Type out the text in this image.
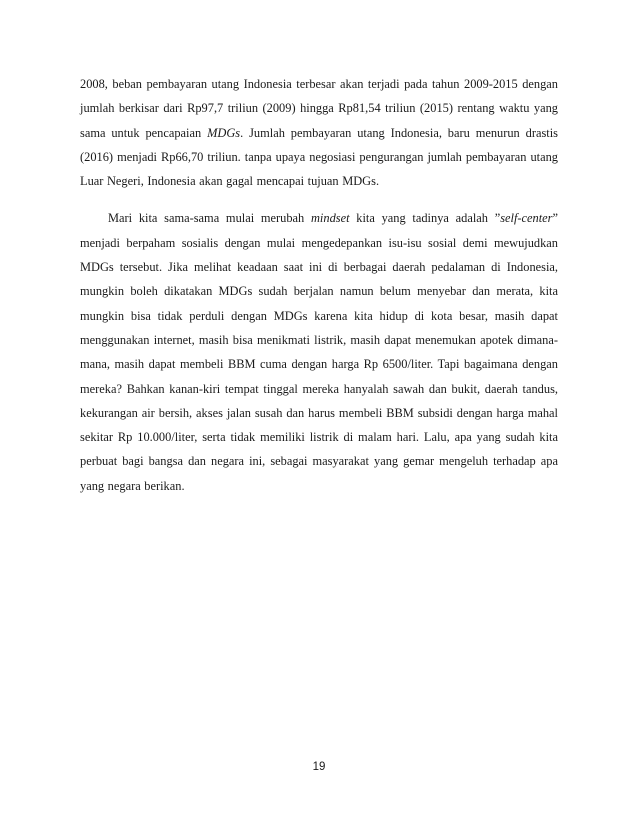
2008, beban pembayaran utang Indonesia terbesar akan terjadi pada tahun 2009-2015 dengan jumlah berkisar dari Rp97,7 triliun (2009) hingga Rp81,54 triliun (2015) rentang waktu yang sama untuk pencapaian MDGs. Jumlah pembayaran utang Indonesia, baru menurun drastis (2016) menjadi Rp66,70 triliun. tanpa upaya negosiasi pengurangan jumlah pembayaran utang Luar Negeri, Indonesia akan gagal mencapai tujuan MDGs.

Mari kita sama-sama mulai merubah mindset kita yang tadinya adalah ”self-center” menjadi berpaham sosialis dengan mulai mengedepankan isu-isu sosial demi mewujudkan MDGs tersebut. Jika melihat keadaan saat ini di berbagai daerah pedalaman di Indonesia, mungkin boleh dikatakan MDGs sudah berjalan namun belum menyebar dan merata, kita mungkin bisa tidak perduli dengan MDGs karena kita hidup di kota besar, masih dapat menggunakan internet, masih bisa menikmati listrik, masih dapat menemukan apotek dimana-mana, masih dapat membeli BBM cuma dengan harga Rp 6500/liter. Tapi bagaimana dengan mereka? Bahkan kanan-kiri tempat tinggal mereka hanyalah sawah dan bukit, daerah tandus, kekurangan air bersih, akses jalan susah dan harus membeli BBM subsidi dengan harga mahal sekitar Rp 10.000/liter, serta tidak memiliki listrik di malam hari. Lalu, apa yang sudah kita perbuat bagi bangsa dan negara ini, sebagai masyarakat yang gemar mengeluh terhadap apa yang negara berikan.

19
